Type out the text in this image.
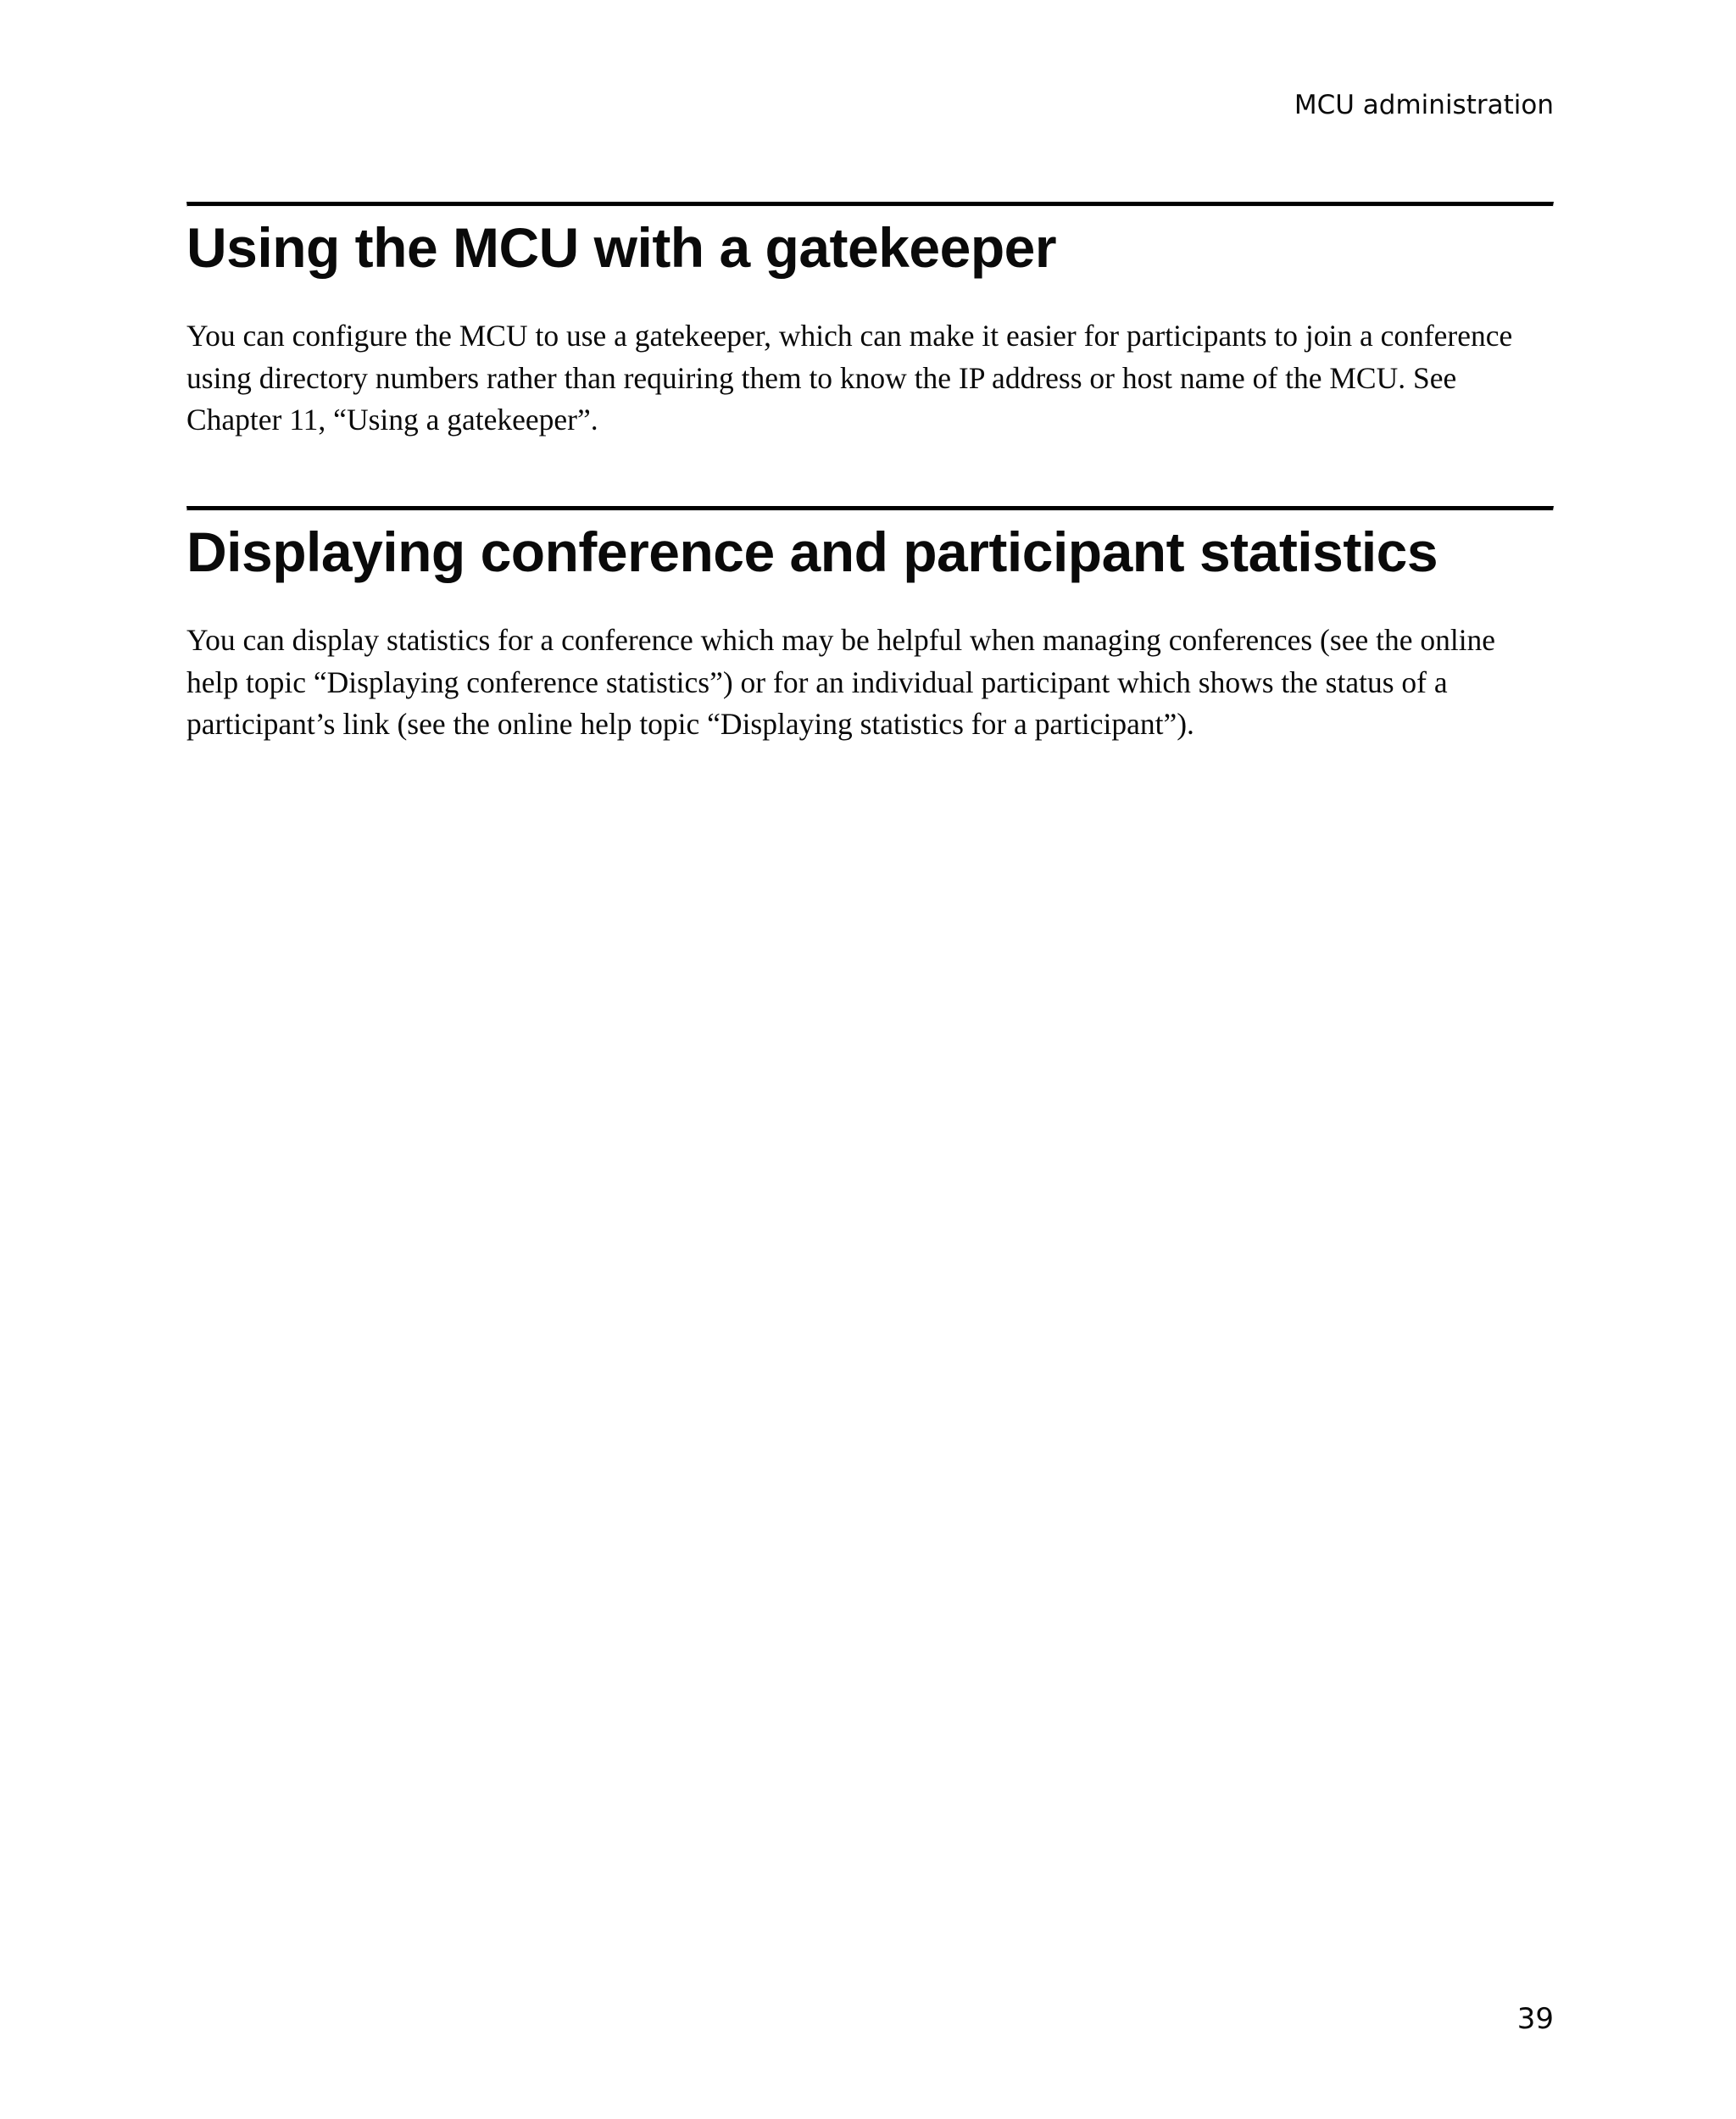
MCU administration
Using the MCU with a gatekeeper

You can configure the MCU to use a gatekeeper, which can make it easier for participants to join a conference using directory numbers rather than requiring them to know the IP address or host name of the MCU. See Chapter 11, “Using a gatekeeper”.

Displaying conference and participant statistics

You can display statistics for a conference which may be helpful when managing conferences (see the online help topic “Displaying conference statistics”) or for an individual participant which shows the status of a participant’s link (see the online help topic “Displaying statistics for a participant”).

39
